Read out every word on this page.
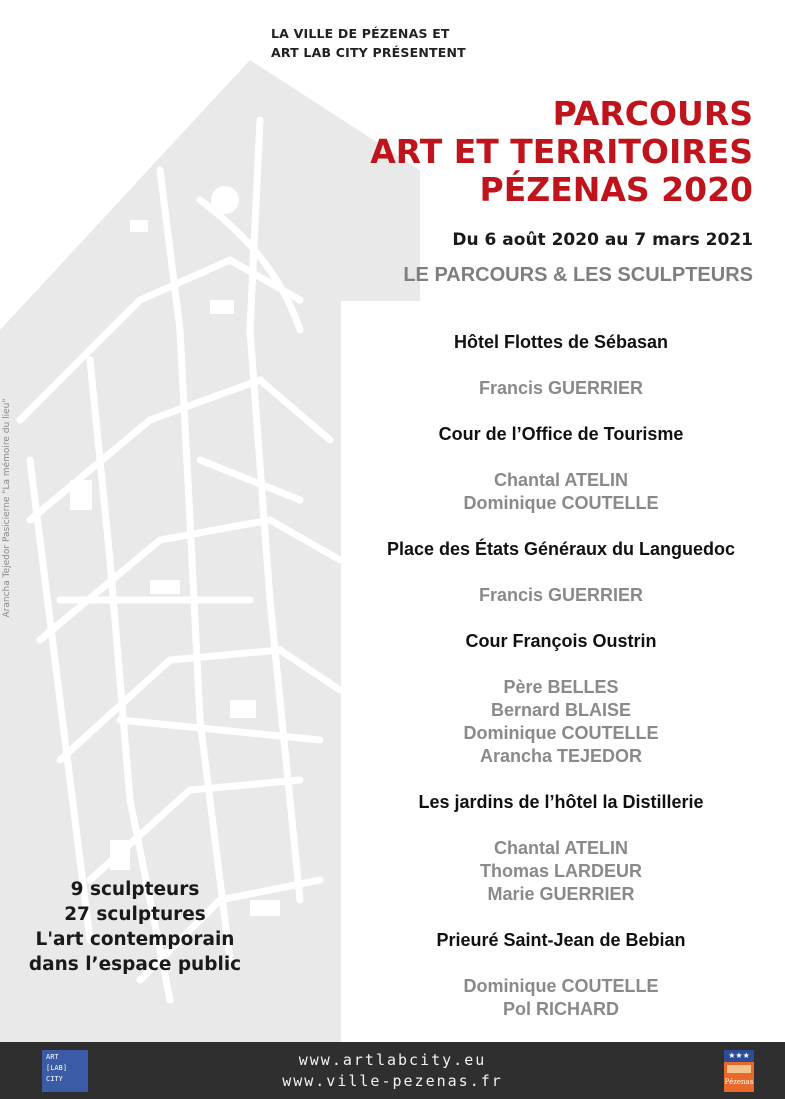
Arancha Tejedor Pasicierne "La mémoire du lieu"
LA VILLE DE PÉZENAS ET
ART LAB CITY PRÉSENTENT
PARCOURS
ART ET TERRITOIRES
PÉZENAS 2020
Du 6 août 2020 au 7 mars 2021
LE PARCOURS & LES SCULPTEURS
Hôtel Flottes de Sébasan
Francis GUERRIER
Cour de l’Office de Tourisme
Chantal ATELIN
Dominique COUTELLE
Place des États Généraux du Languedoc
Francis GUERRIER
Cour François Oustrin
Père BELLES
Bernard BLAISE
Dominique COUTELLE
Arancha TEJEDOR
Les jardins de l’hôtel la Distillerie
Chantal ATELIN
Thomas LARDEUR
Marie GUERRIER
Prieuré Saint-Jean de Bebian
Dominique COUTELLE
Pol RICHARD
9 sculpteurs
27 sculptures
L'art contemporain
dans l’espace public
ART
[LAB]
CITY
www.artlabcity.eu
www.ville-pezenas.fr
★★★
Pézenas
